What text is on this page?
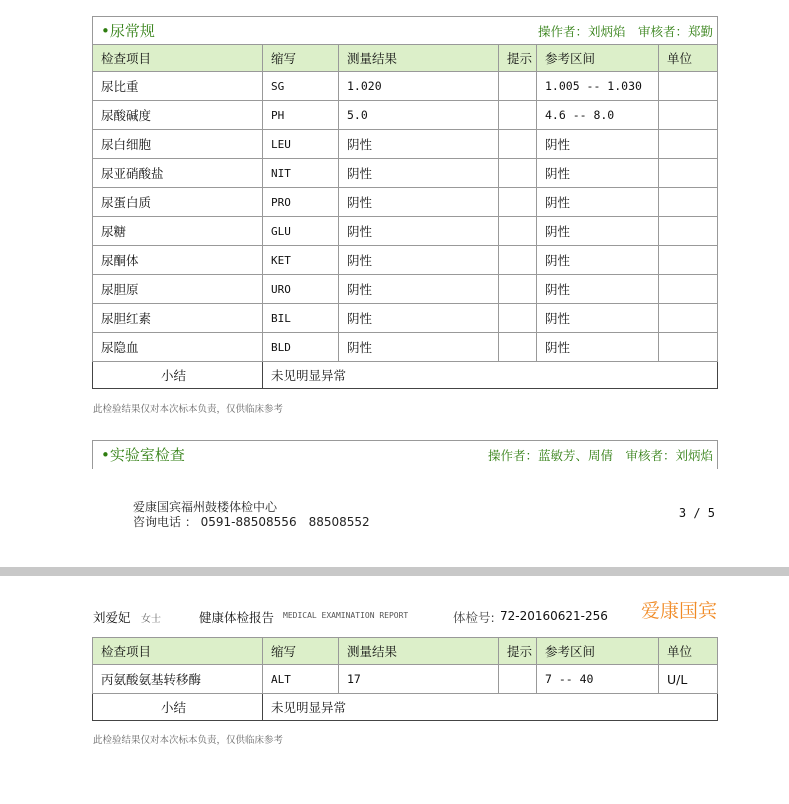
•尿常规	操作者：刘炳焰　审核者：郑勤
检查项目	缩写	测量结果	提示	参考区间	单位
尿比重	SG	1.020		1.005 -- 1.030	
尿酸碱度	PH	5.0		4.6 -- 8.0	
尿白细胞	LEU	阴性		阴性	
尿亚硝酸盐	NIT	阴性		阴性	
尿蛋白质	PRO	阴性		阴性	
尿糖	GLU	阴性		阴性	
尿酮体	KET	阴性		阴性	
尿胆原	URO	阴性		阴性	
尿胆红素	BIL	阴性		阴性	
尿隐血	BLD	阴性		阴性	
小结	未见明显异常				
此检验结果仅对本次标本负责，仅供临床参考
•实验室检查	操作者：蓝敏芳、周倩　审核者：刘炳焰
爱康国宾福州鼓楼体检中心
咨询电话 ： 0591-88508556　88508552
3 / 5
刘爱妃 女士	健康体检报告 MEDICAL EXAMINATION REPORT	体检号: 72-20160621-256 爱康国宾
检查项目	缩写	测量结果	提示	参考区间	单位
丙氨酸氨基转移酶	ALT	17		7 -- 40	U/L
小结	未见明显异常				
此检验结果仅对本次标本负责，仅供临床参考
